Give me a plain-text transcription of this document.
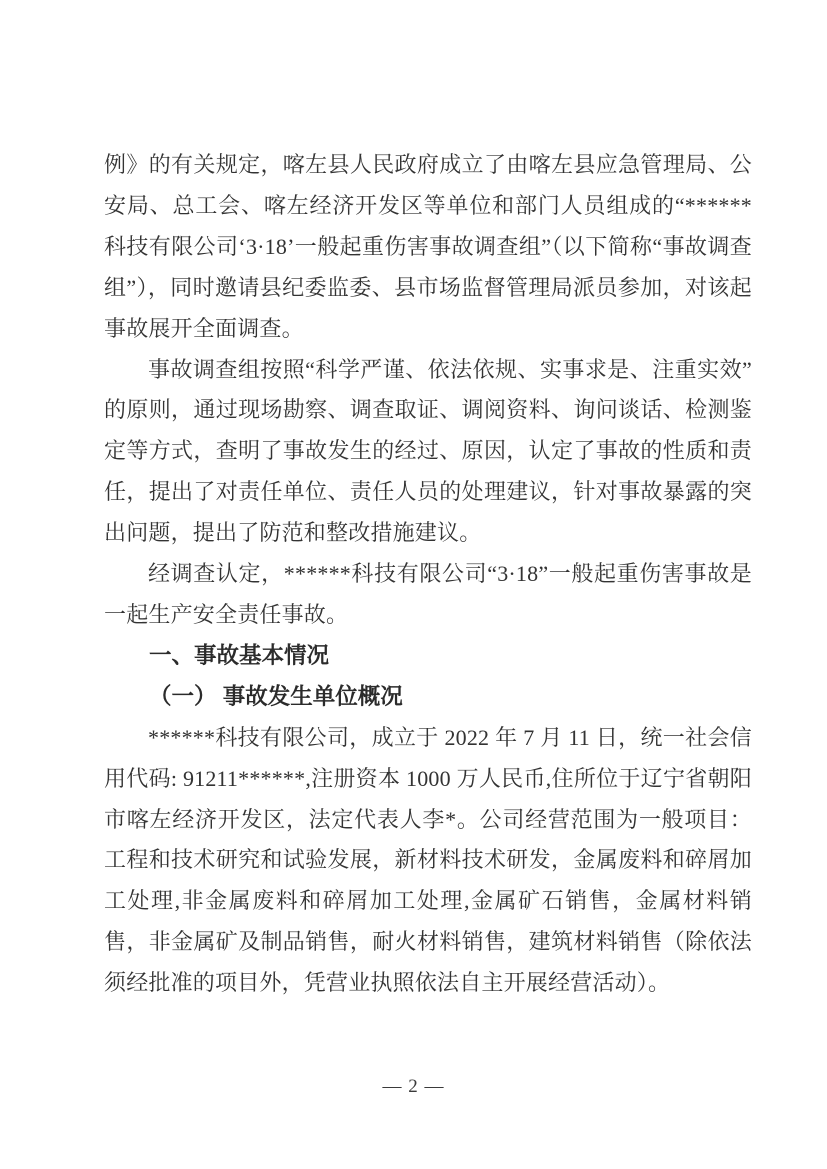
例》的有关规定，喀左县人民政府成立了由喀左县应急管理局、公安局、总工会、喀左经济开发区等单位和部门人员组成的“******科技有限公司‘3·18’一般起重伤害事故调查组”（以下简称“事故调查组”），同时邀请县纪委监委、县市场监督管理局派员参加，对该起事故展开全面调查。

事故调查组按照“科学严谨、依法依规、实事求是、注重实效”的原则，通过现场勘察、调查取证、调阅资料、询问谈话、检测鉴定等方式，查明了事故发生的经过、原因，认定了事故的性质和责任，提出了对责任单位、责任人员的处理建议，针对事故暴露的突出问题，提出了防范和整改措施建议。

经调查认定，******科技有限公司“3·18”一般起重伤害事故是一起生产安全责任事故。

一、事故基本情况
（一） 事故发生单位概况

******科技有限公司，成立于 2022 年 7 月 11 日，统一社会信用代码: 91211******,注册资本 1000 万人民币,住所位于辽宁省朝阳市喀左经济开发区，法定代表人李*。公司经营范围为一般项目：工程和技术研究和试验发展，新材料技术研发，金属废料和碎屑加工处理,非金属废料和碎屑加工处理,金属矿石销售，金属材料销售，非金属矿及制品销售，耐火材料销售，建筑材料销售（除依法须经批准的项目外，凭营业执照依法自主开展经营活动）。

— 2 —
